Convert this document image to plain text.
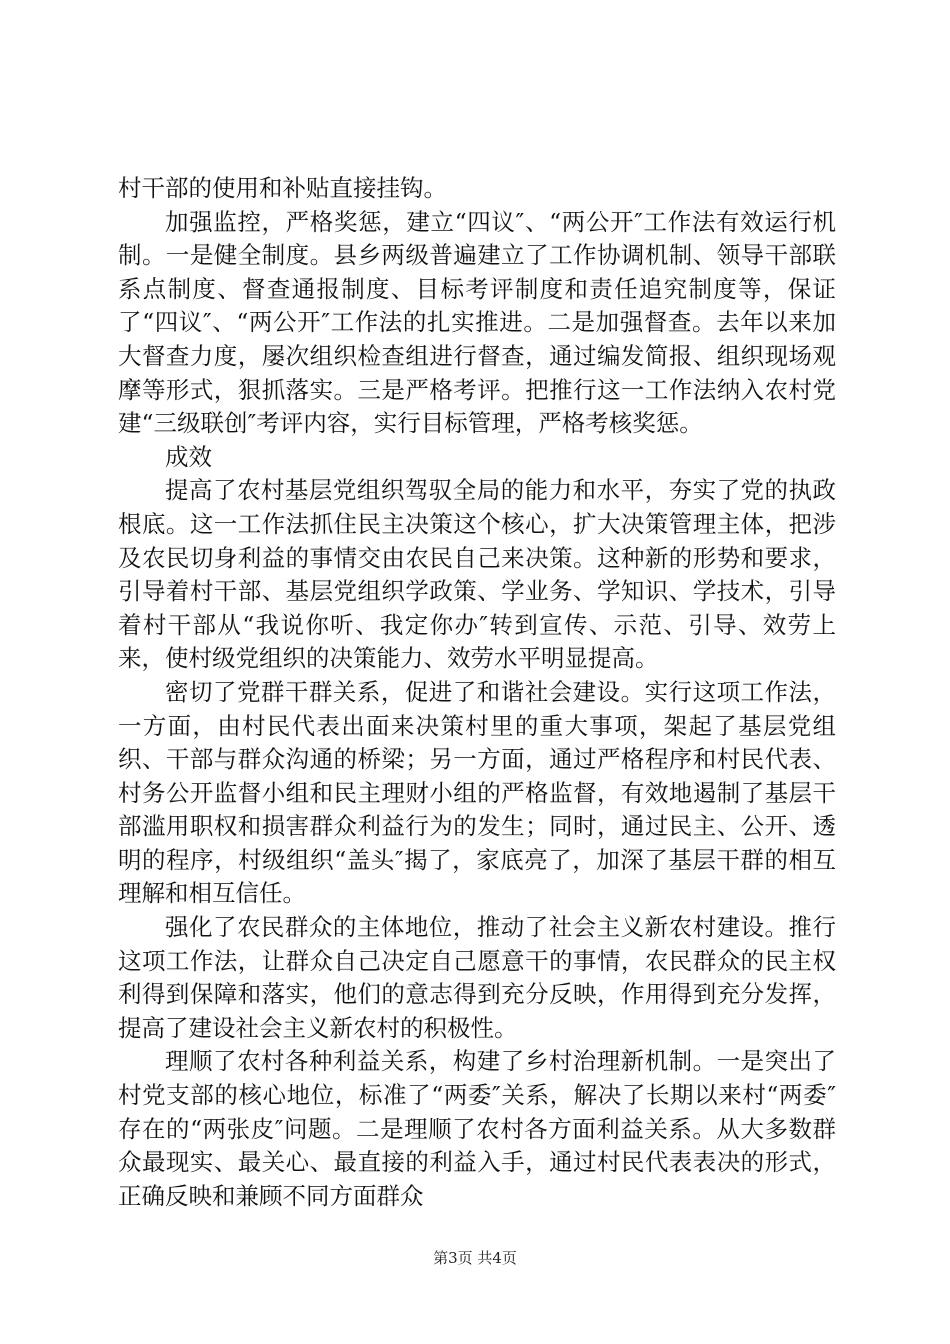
村干部的使用和补贴直接挂钩。

加强监控，严格奖惩，建立“四议″、“两公开″工作法有效运行机制。一是健全制度。县乡两级普遍建立了工作协调机制、领导干部联系点制度、督查通报制度、目标考评制度和责任追究制度等，保证了“四议″、“两公开″工作法的扎实推进。二是加强督查。去年以来加大督查力度，屡次组织检查组进行督查，通过编发简报、组织现场观摩等形式，狠抓落实。三是严格考评。把推行这一工作法纳入农村党建“三级联创″考评内容，实行目标管理，严格考核奖惩。

成效

提高了农村基层党组织驾驭全局的能力和水平，夯实了党的执政根底。这一工作法抓住民主决策这个核心，扩大决策管理主体，把涉及农民切身利益的事情交由农民自己来决策。这种新的形势和要求，引导着村干部、基层党组织学政策、学业务、学知识、学技术，引导着村干部从“我说你听、我定你办″转到宣传、示范、引导、效劳上来，使村级党组织的决策能力、效劳水平明显提高。

密切了党群干群关系，促进了和谐社会建设。实行这项工作法，一方面，由村民代表出面来决策村里的重大事项，架起了基层党组织、干部与群众沟通的桥梁；另一方面，通过严格程序和村民代表、村务公开监督小组和民主理财小组的严格监督，有效地遏制了基层干部滥用职权和损害群众利益行为的发生；同时，通过民主、公开、透明的程序，村级组织“盖头″揭了，家底亮了，加深了基层干群的相互理解和相互信任。

强化了农民群众的主体地位，推动了社会主义新农村建设。推行这项工作法，让群众自己决定自己愿意干的事情，农民群众的民主权利得到保障和落实，他们的意志得到充分反映，作用得到充分发挥，提高了建设社会主义新农村的积极性。

理顺了农村各种利益关系，构建了乡村治理新机制。一是突出了村党支部的核心地位，标准了“两委″关系，解决了长期以来村“两委″存在的“两张皮″问题。二是理顺了农村各方面利益关系。从大多数群众最现实、最关心、最直接的利益入手，通过村民代表表决的形式，正确反映和兼顾不同方面群众

第3页 共4页
